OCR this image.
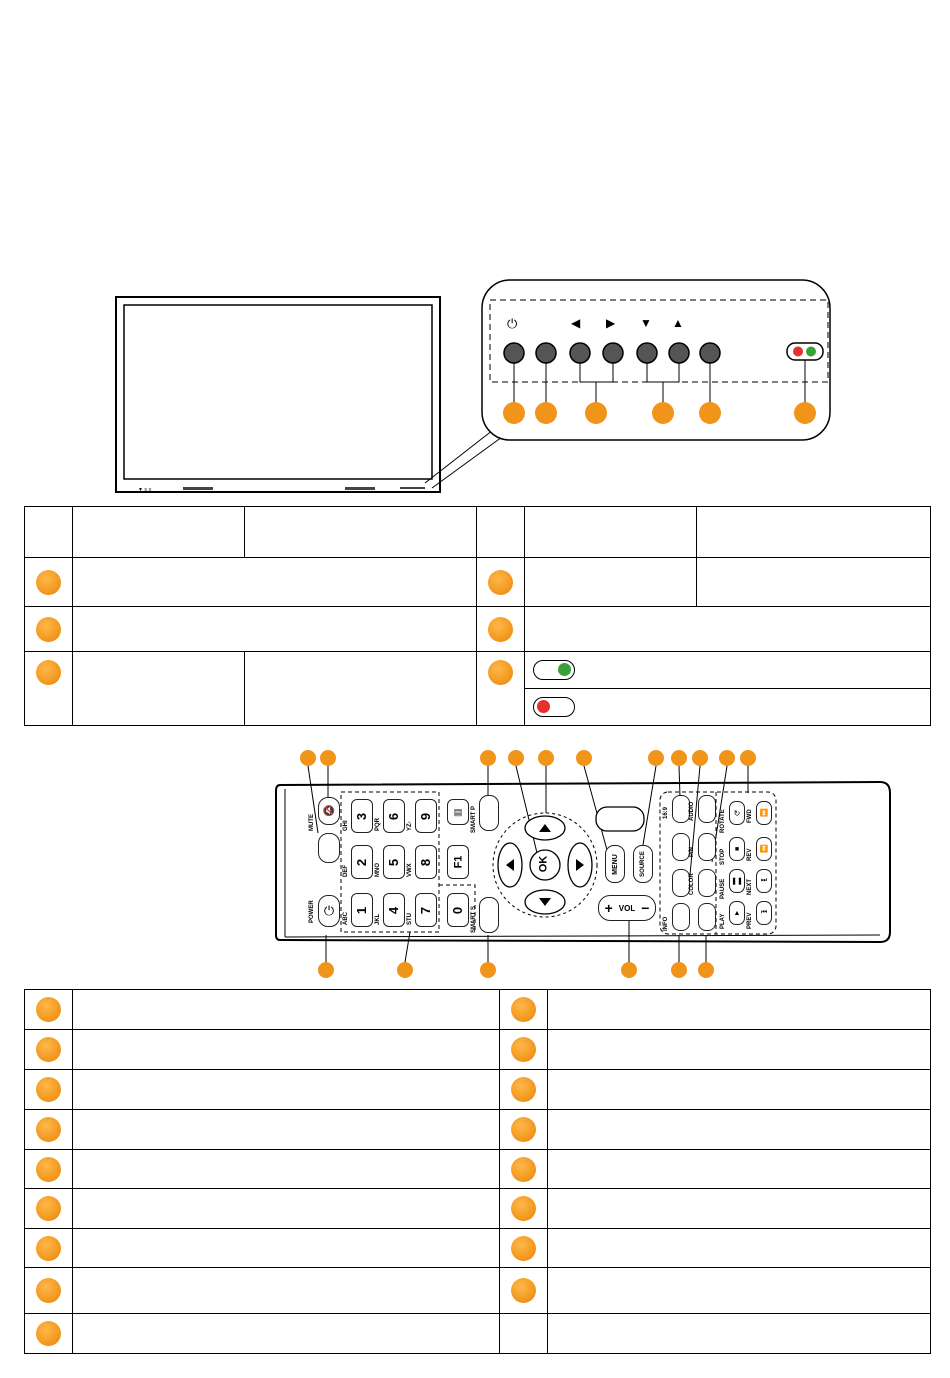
▼ ≡ ≡
⏻	◀ ▶ ▼ ▲

3 6 9
2 5 8
1 4 7 0
F1
▤
GHI	PQR	YZ-
DEF	MNO	VWX
ABC	JKL	STU
🔇
⏻
MUTE
POWER
SMART P
SMART S
OK	MENU	SOURCE
+ VOL −
16:9
INFO
AUDIO
P/N
COLOR
↻
■
❚❚
▲
⏫
⏬
⏭
⏮
ROTATE
STOP
PAUSE
PLAY
FWD
REV
NEXT
PREV
